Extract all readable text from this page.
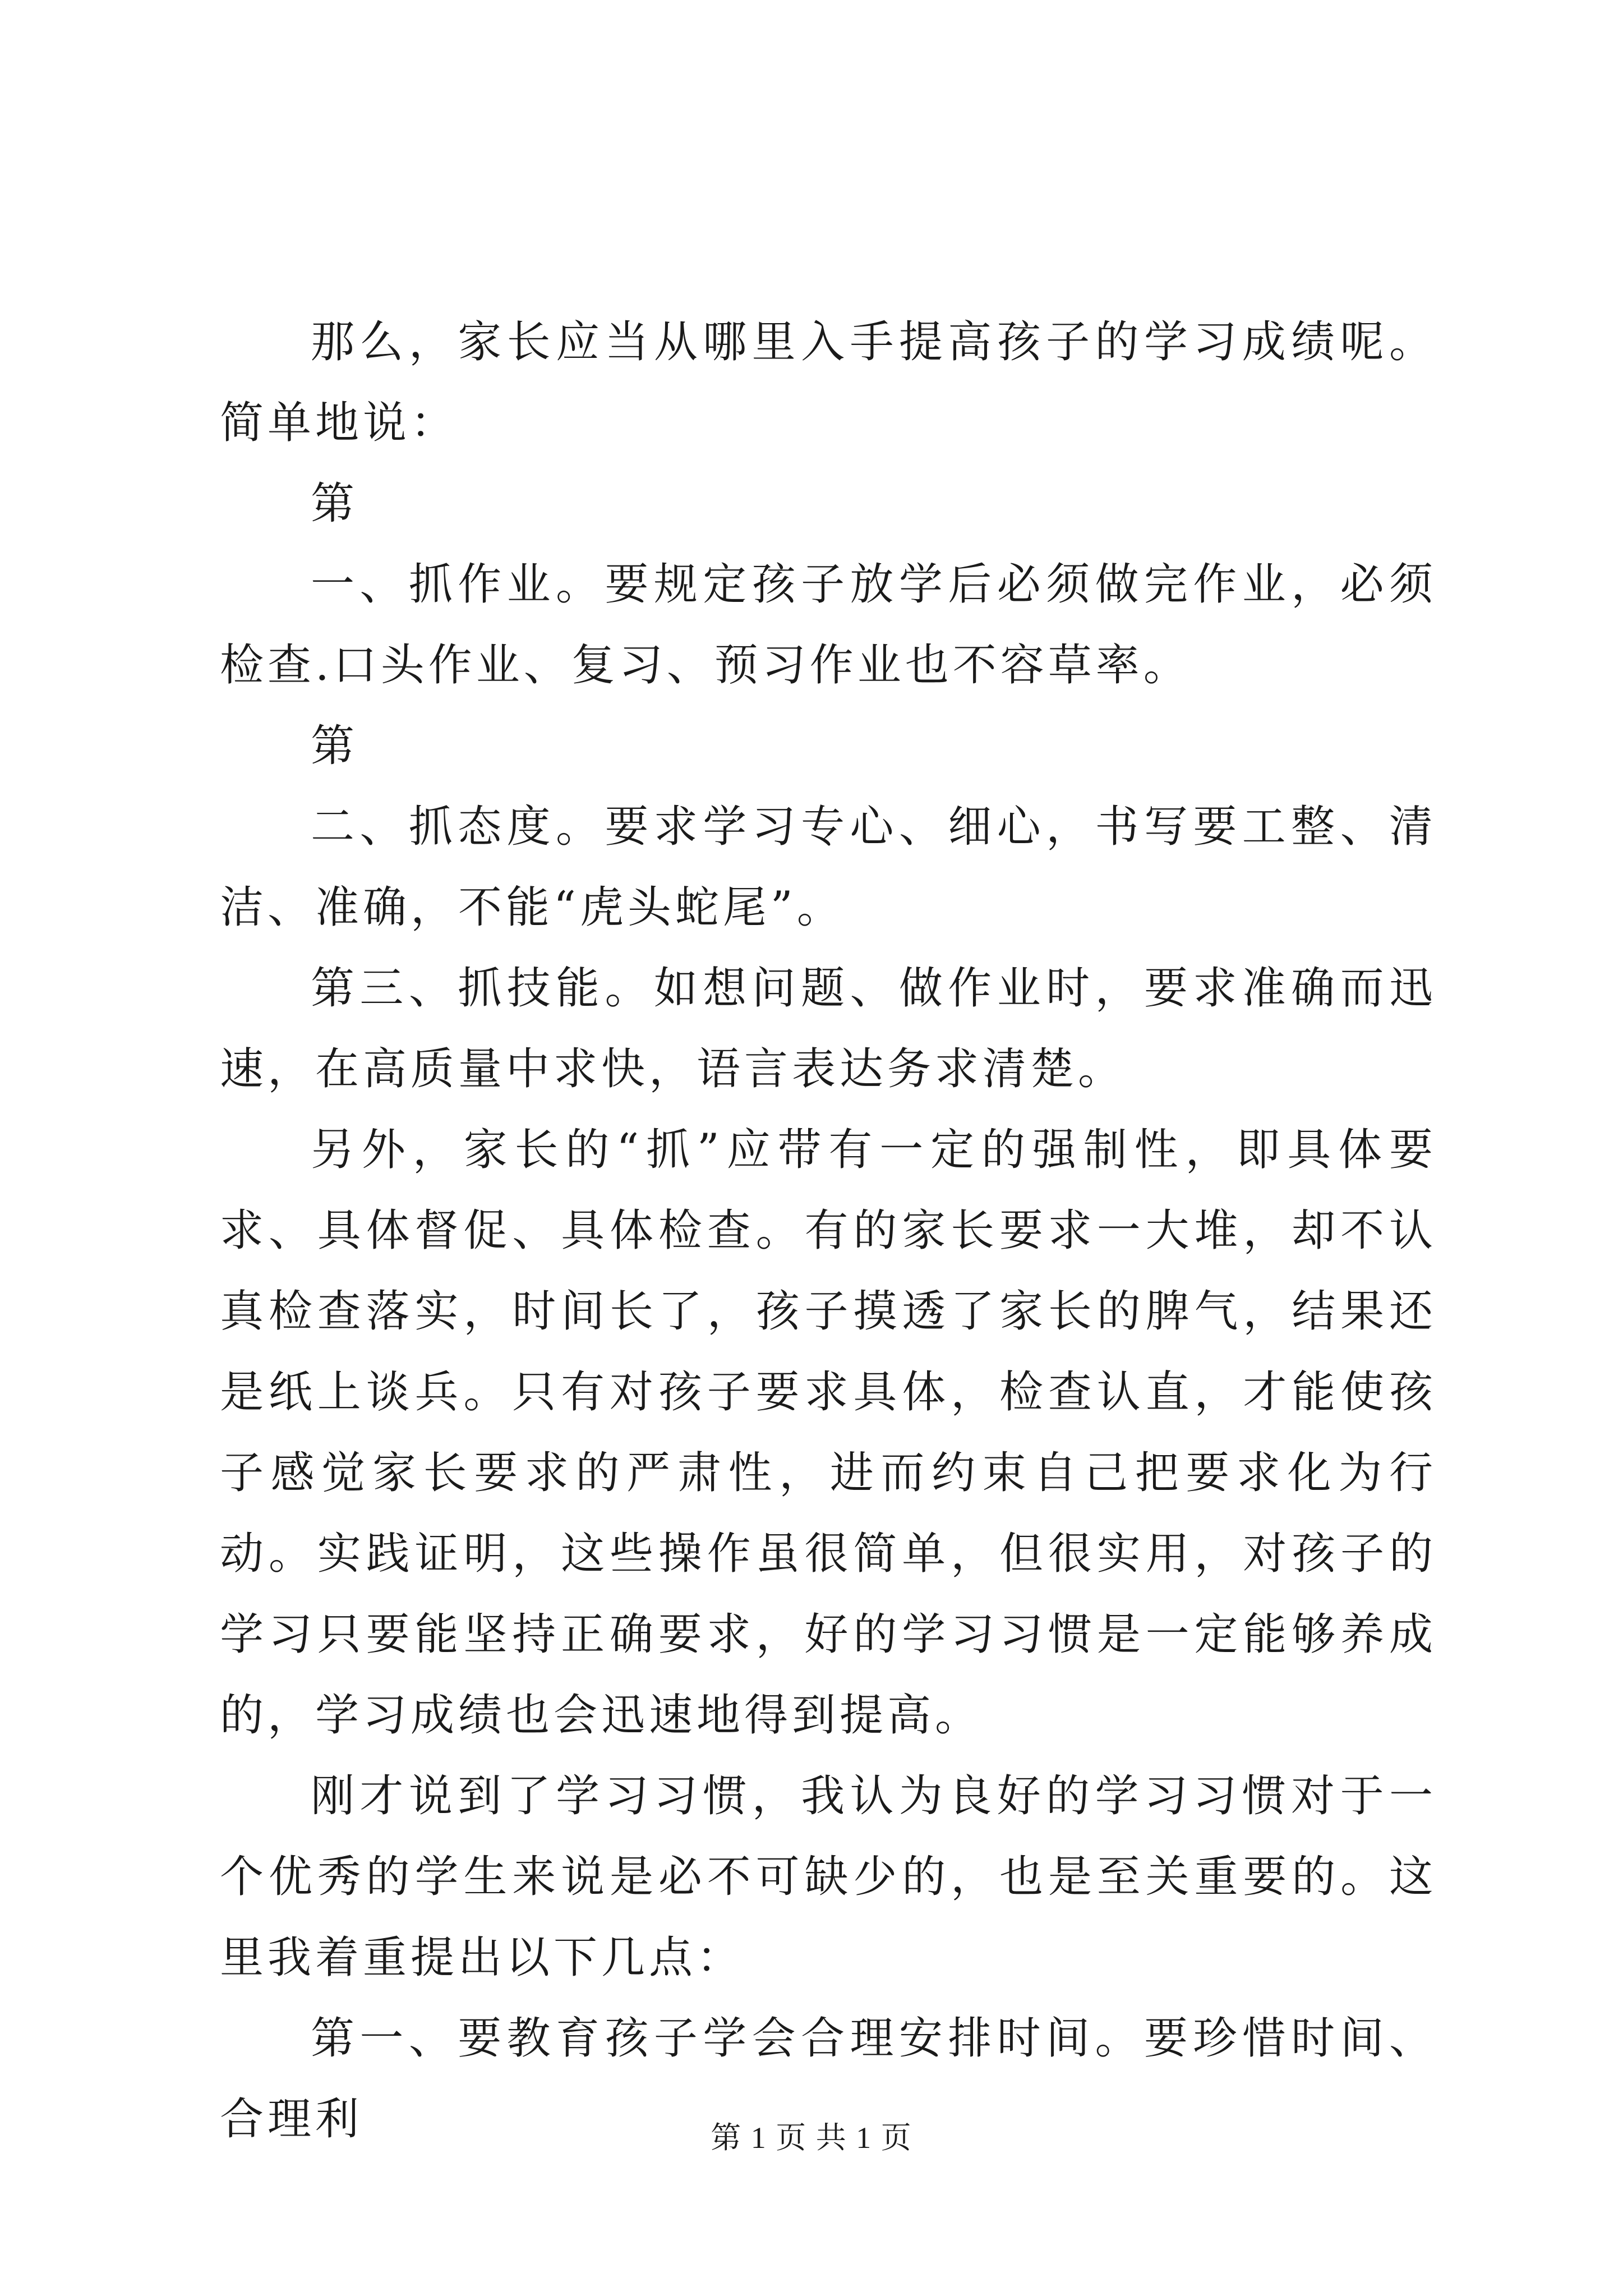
那么，家长应当从哪里入手提高孩子的学习成绩呢。简单地说：

第

一、抓作业。要规定孩子放学后必须做完作业，必须检查.口头作业、复习、预习作业也不容草率。

第

二、抓态度。要求学习专心、细心，书写要工整、清洁、准确，不能“虎头蛇尾”。

第三、抓技能。如想问题、做作业时，要求准确而迅速，在高质量中求快，语言表达务求清楚。

另外，家长的“抓”应带有一定的强制性，即具体要求、具体督促、具体检查。有的家长要求一大堆，却不认真检查落实，时间长了，孩子摸透了家长的脾气，结果还是纸上谈兵。只有对孩子要求具体，检查认直，才能使孩子感觉家长要求的严肃性，进而约束自己把要求化为行动。实践证明，这些操作虽很简单，但很实用，对孩子的学习只要能坚持正确要求，好的学习习惯是一定能够养成的，学习成绩也会迅速地得到提高。

刚才说到了学习习惯，我认为良好的学习习惯对于一个优秀的学生来说是必不可缺少的，也是至关重要的。这里我着重提出以下几点：

第一、要教育孩子学会合理安排时间。要珍惜时间、合理利	第 1 页 共 1 页
